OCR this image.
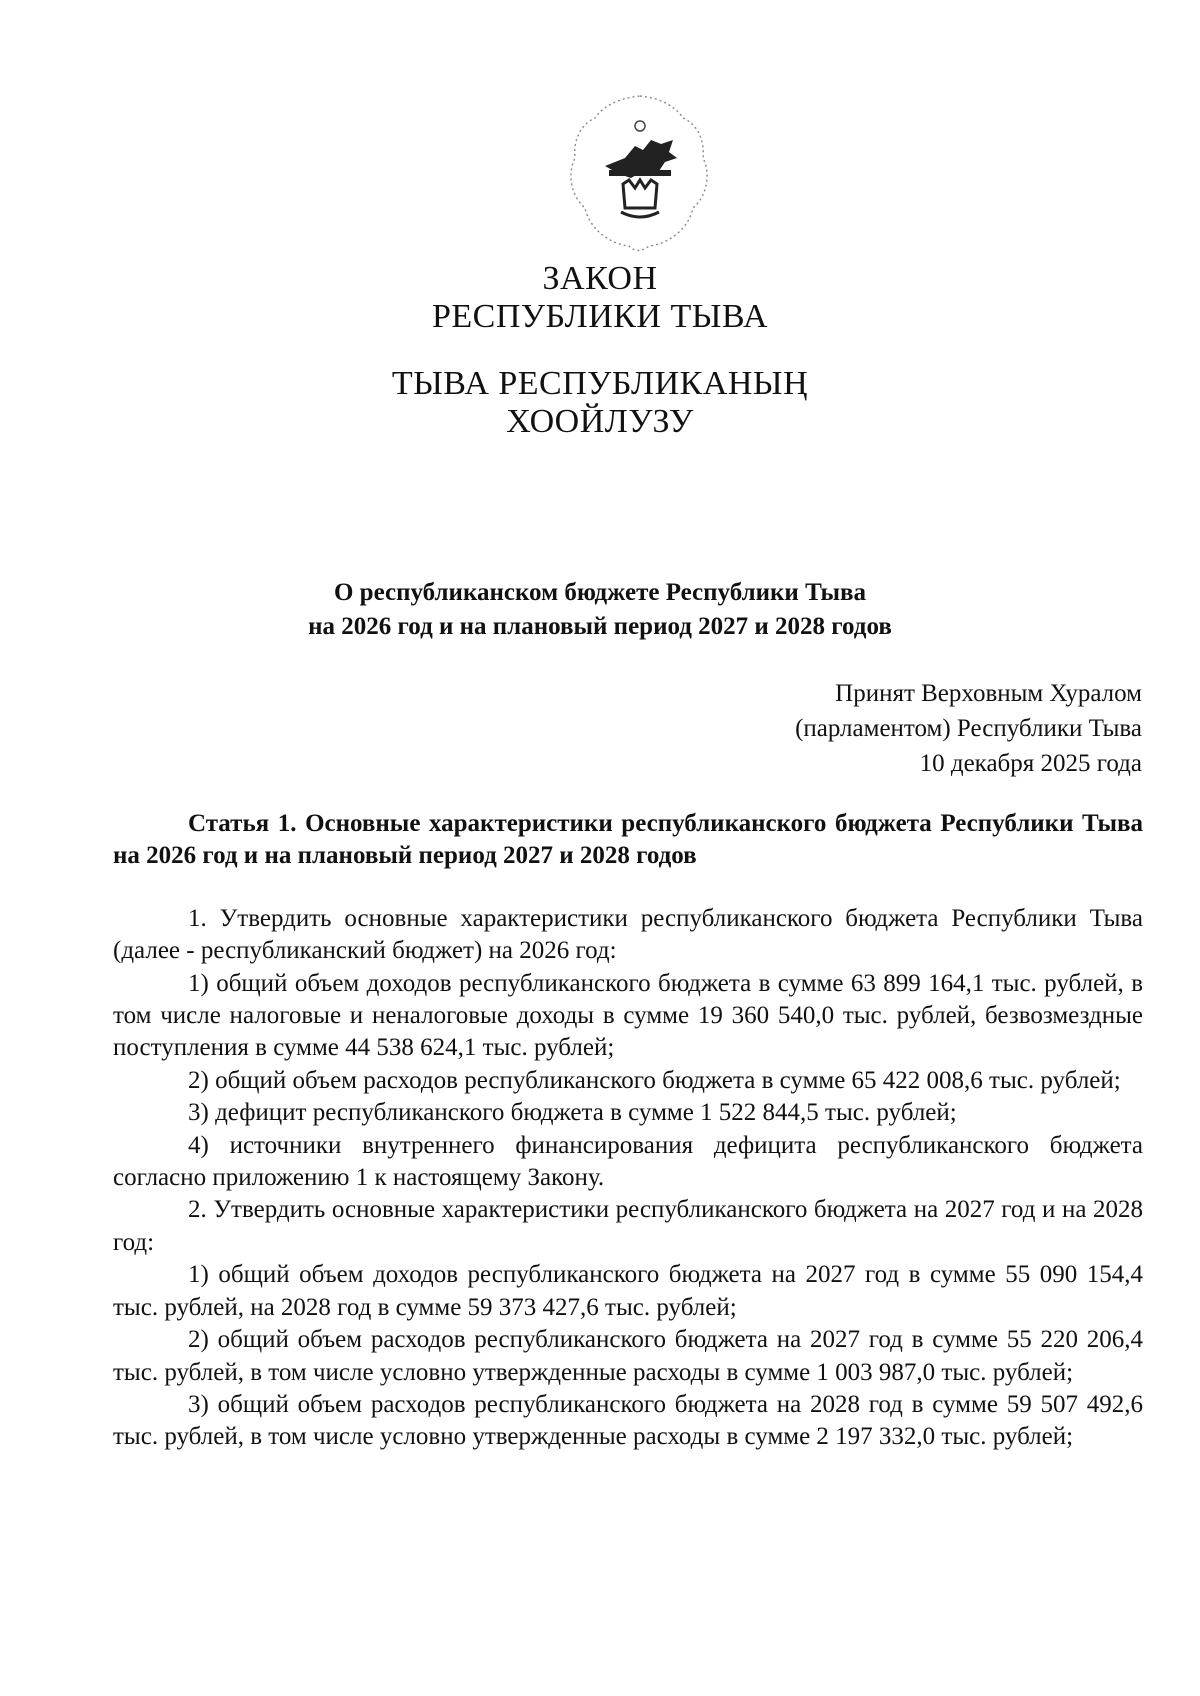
ЗАКОН
РЕСПУБЛИКИ ТЫВА
ТЫВА РЕСПУБЛИКАНЫҢ
ХООЙЛУЗУ
О республиканском бюджете Республики Тыва
на 2026 год и на плановый период 2027 и 2028 годов
Принят Верховным Хуралом
(парламентом) Республики Тыва
10 декабря 2025 года

Статья 1. Основные характеристики республиканского бюджета Республики Тыва на 2026 год и на плановый период 2027 и 2028 годов

1. Утвердить основные характеристики республиканского бюджета Республики Тыва (далее - республиканский бюджет) на 2026 год:

1) общий объем доходов республиканского бюджета в сумме 63 899 164,1 тыс. рублей, в том числе налоговые и неналоговые доходы в сумме 19 360 540,0 тыс. рублей, безвозмездные поступления в сумме 44 538 624,1 тыс. рублей;

2) общий объем расходов республиканского бюджета в сумме 65 422 008,6 тыс. рублей;

3) дефицит республиканского бюджета в сумме 1 522 844,5 тыс. рублей;

4) источники внутреннего финансирования дефицита республиканского бюджета согласно приложению 1 к настоящему Закону.

2. Утвердить основные характеристики республиканского бюджета на 2027 год и на 2028 год:

1) общий объем доходов республиканского бюджета на 2027 год в сумме 55 090 154,4 тыс. рублей, на 2028 год в сумме 59 373 427,6 тыс. рублей;

2) общий объем расходов республиканского бюджета на 2027 год в сумме 55 220 206,4 тыс. рублей, в том числе условно утвержденные расходы в сумме 1 003 987,0 тыс. рублей;

3) общий объем расходов республиканского бюджета на 2028 год в сумме 59 507 492,6 тыс. рублей, в том числе условно утвержденные расходы в сумме 2 197 332,0 тыс. рублей;
